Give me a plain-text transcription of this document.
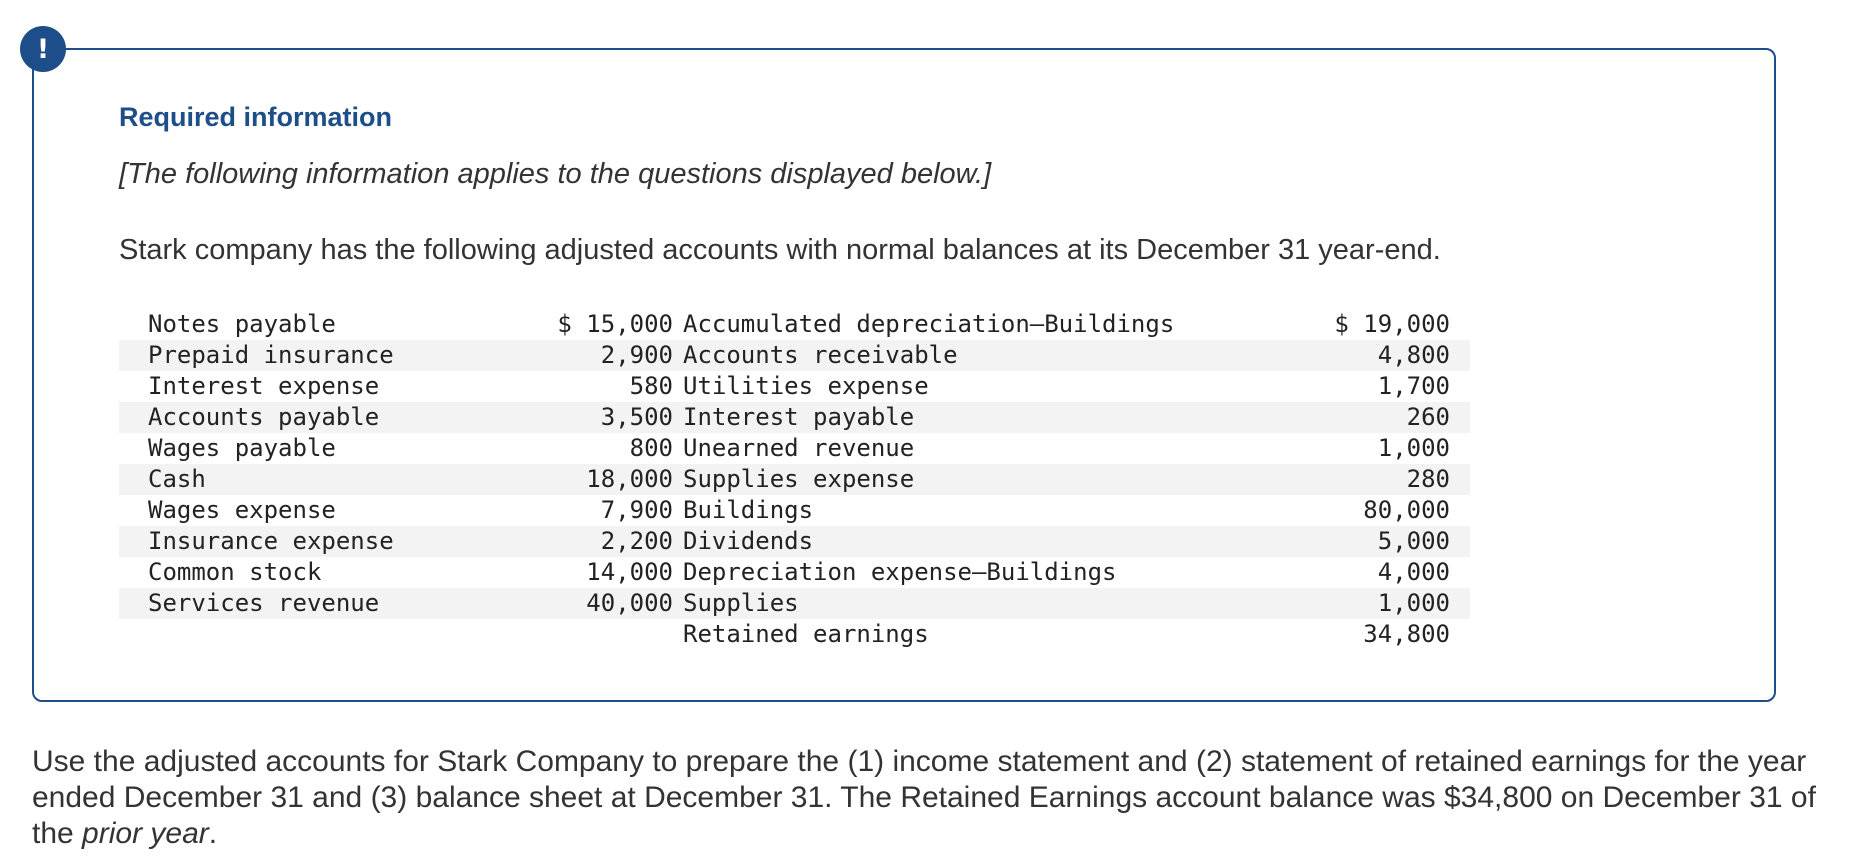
!
Required information

[The following information applies to the questions displayed below.]

Stark company has the following adjusted accounts with normal balances at its December 31 year-end.

	Notes payable	$ 15,000	Accumulated depreciation—Buildings	$ 19,000	
	Prepaid insurance	2,900	Accounts receivable	4,800	
	Interest expense	580	Utilities expense	1,700	
	Accounts payable	3,500	Interest payable	260	
	Wages payable	800	Unearned revenue	1,000	
	Cash	18,000	Supplies expense	280	
	Wages expense	7,900	Buildings	80,000	
	Insurance expense	2,200	Dividends	5,000	
	Common stock	14,000	Depreciation expense—Buildings	4,000	
	Services revenue	40,000	Supplies	1,000	
			Retained earnings	34,800	

Use the adjusted accounts for Stark Company to prepare the (1) income statement and (2) statement of retained earnings for the year ended December 31 and (3) balance sheet at December 31. The Retained Earnings account balance was $34,800 on December 31 of the prior year.
